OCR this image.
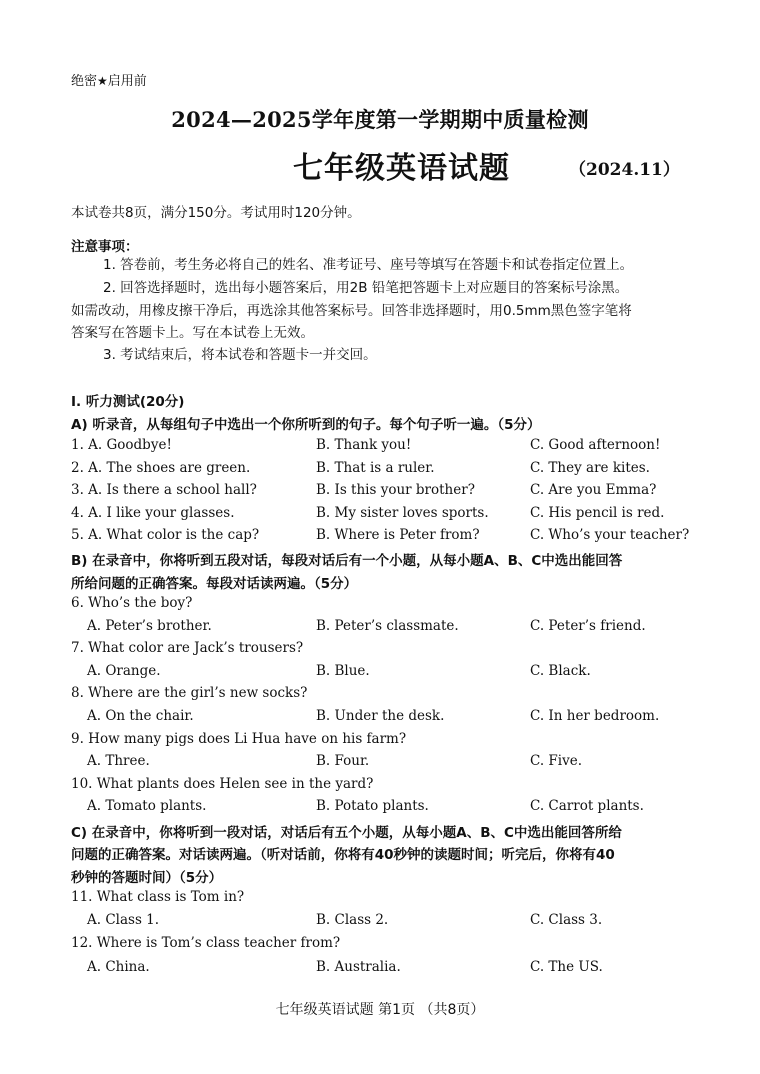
绝密★启用前
2024—2025学年度第一学期期中质量检测
七年级英语试题	（2024.11）
本试卷共8页，满分150分。考试用时120分钟。
注意事项：
1. 答卷前，考生务必将自己的姓名、准考证号、座号等填写在答题卡和试卷指定位置上。
2. 回答选择题时，选出每小题答案后，用2B 铅笔把答题卡上对应题目的答案标号涂黑。
如需改动，用橡皮擦干净后，再选涂其他答案标号。回答非选择题时，用0.5mm黑色签字笔将
答案写在答题卡上。写在本试卷上无效。
3. 考试结束后，将本试卷和答题卡一并交回。
I. 听力测试(20分)
A) 听录音，从每组句子中选出一个你所听到的句子。每个句子听一遍。（5分）
1. A. Goodbye!	B. Thank you!	C. Good afternoon!
2. A. The shoes are green.	B. That is a ruler.	C. They are kites.
3. A. Is there a school hall?	B. Is this your brother?	C. Are you Emma?
4. A. I like your glasses.	B. My sister loves sports.	C. His pencil is red.
5. A. What color is the cap?	B. Where is Peter from?	C. Who’s your teacher?
B) 在录音中，你将听到五段对话，每段对话后有一个小题，从每小题A、B、C中选出能回答
所给问题的正确答案。每段对话读两遍。（5分）
6. Who’s the boy?
A. Peter’s brother.	B. Peter’s classmate.	C. Peter’s friend.
7. What color are Jack’s trousers?
A. Orange.	B. Blue.	C. Black.
8. Where are the girl’s new socks?
A. On the chair.	B. Under the desk.	C. In her bedroom.
9. How many pigs does Li Hua have on his farm?
A. Three.	B. Four.	C. Five.
10. What plants does Helen see in the yard?
A. Tomato plants.	B. Potato plants.	C. Carrot plants.
C) 在录音中，你将听到一段对话，对话后有五个小题，从每小题A、B、C中选出能回答所给
问题的正确答案。对话读两遍。（听对话前，你将有40秒钟的读题时间；听完后，你将有40
秒钟的答题时间）（5分）
11. What class is Tom in?
A. Class 1.	B. Class 2.	C. Class 3.
12. Where is Tom’s class teacher from?
A. China.	B. Australia.	C. The US.
七年级英语试题 第1页 （共8页）
